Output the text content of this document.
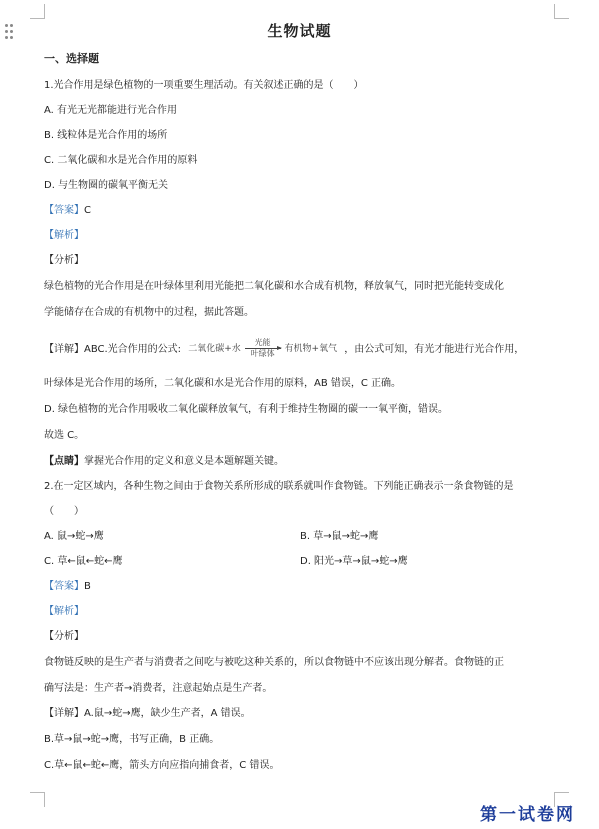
生物试题
一、选择题
1.光合作用是绿色植物的一项重要生理活动。有关叙述正确的是（　　）
A. 有光无光都能进行光合作用
B. 线粒体是光合作用的场所
C. 二氧化碳和水是光合作用的原料
D. 与生物圈的碳氧平衡无关
【答案】C
【解析】
【分析】
绿色植物的光合作用是在叶绿体里利用光能把二氧化碳和水合成有机物，释放氧气，同时把光能转变成化
学能储存在合成的有机物中的过程，据此答题。
【详解】ABC.光合作用的公式: 二氧化碳+水
光能
叶绿体	有机物+氧气 ，由公式可知，有光才能进行光合作用，
叶绿体是光合作用的场所，二氧化碳和水是光合作用的原料，AB 错误，C 正确。
D. 绿色植物的光合作用吸收二氧化碳释放氧气，有利于维持生物圈的碳一一氧平衡，错误。
故选 C。
【点睛】掌握光合作用的定义和意义是本题解题关键。
2.在一定区域内，各种生物之间由于食物关系所形成的联系就叫作食物链。下列能正确表示一条食物链的是
（　　）
A. 鼠→蛇→鹰	B. 草→鼠→蛇→鹰
C. 草←鼠←蛇←鹰	D. 阳光→草→鼠→蛇→鹰
【答案】B
【解析】
【分析】
食物链反映的是生产者与消费者之间吃与被吃这种关系的，所以食物链中不应该出现分解者。食物链的正
确写法是：生产者→消费者，注意起始点是生产者。
【详解】A.鼠→蛇→鹰，缺少生产者，A 错误。
B.草→鼠→蛇→鹰，书写正确，B 正确。
C.草←鼠←蛇←鹰，箭头方向应指向捕食者，C 错误。
第一试卷网
